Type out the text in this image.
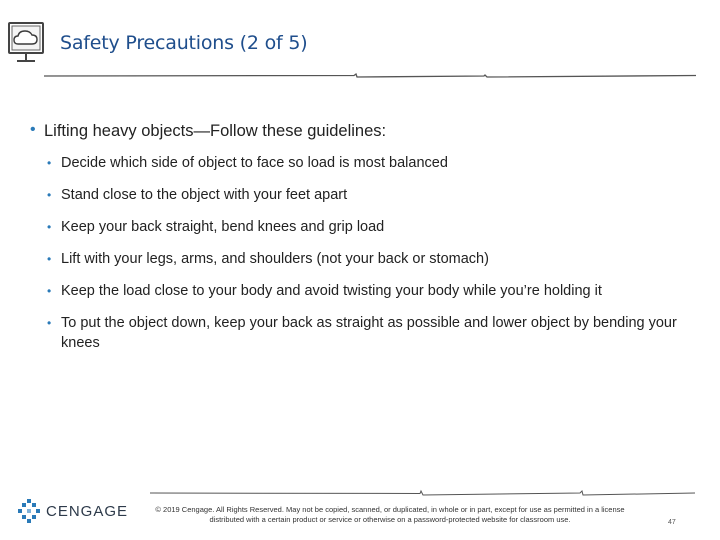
Safety Precautions (2 of 5)
• Lifting heavy objects—Follow these guidelines:
• Decide which side of object to face so load is most balanced
• Stand close to the object with your feet apart
• Keep your back straight, bend knees and grip load
• Lift with your legs, arms, and shoulders (not your back or stomach)
• Keep the load close to your body and avoid twisting your body while you’re holding it
• To put the object down, keep your back as straight as possible and lower object by bending your knees
CENGAGE	© 2019 Cengage. All Rights Reserved. May not be copied, scanned, or duplicated, in whole or in part, except for use as permitted in a license
distributed with a certain product or service or otherwise on a password-protected website for classroom use.	47
